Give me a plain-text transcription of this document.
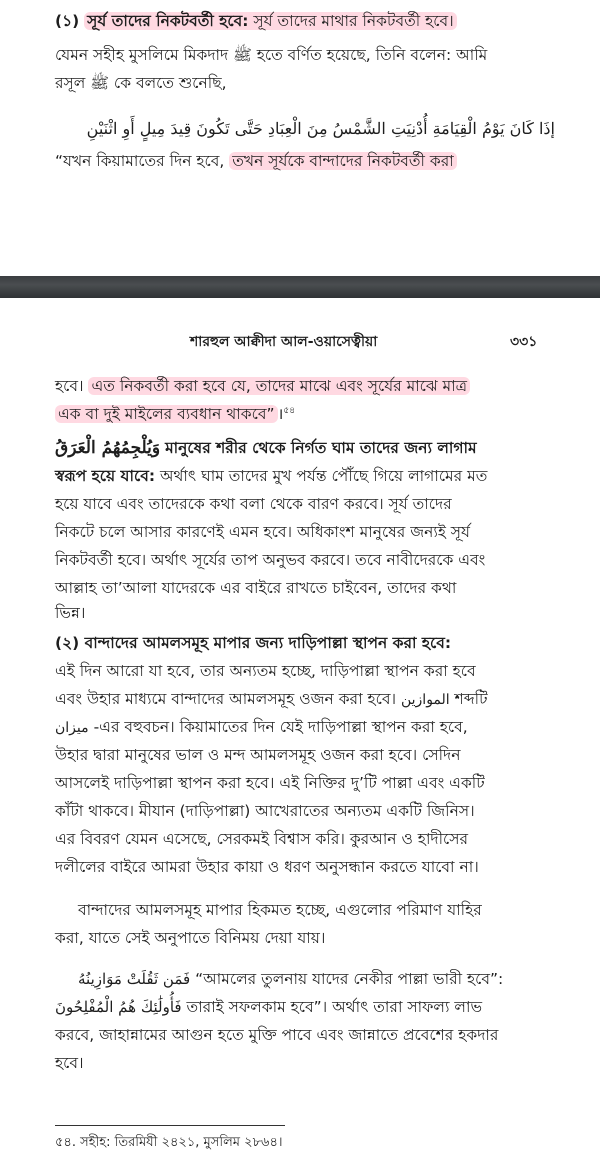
(১) সূর্য তাদের নিকটবর্তী হবে: সূর্য তাদের মাথার নিকটবর্তী হবে।
যেমন সহীহ মুসলিমে মিকদাদ ﷺ হতে বর্ণিত হয়েছে, তিনি বলেন: আমি
রসূল ﷺ কে বলতে শুনেছি,
إذَا كَانَ يَوْمُ الْقِيَامَةِ أُدْنِيَتِ الشَّمْسُ مِنَ الْعِبَادِ حَتَّى تَكُونَ قِيدَ مِيلٍ أَوِ اثْنَيْنِ
“যখন কিয়ামাতের দিন হবে, তখন সূর্যকে বান্দাদের নিকটবর্তী করা
শারহুল আক্বীদা আল-ওয়াসেত্বীয়া	৩৩১
হবে। এত নিকবর্তী করা হবে যে, তাদের মাঝে এবং সূর্যের মাঝে মাত্র
এক বা দুই মাইলের ব্যবধান থাকবে” ।$^{৫৪}$
وَيُلْجِمُهُمُ الْعَرَقُ মানুষের শরীর থেকে নির্গত ঘাম তাদের জন্য লাগাম
স্বরূপ হয়ে যাবে: অর্থাৎ ঘাম তাদের মুখ পর্যন্ত পৌঁছে গিয়ে লাগামের মত
হয়ে যাবে এবং তাদেরকে কথা বলা থেকে বারণ করবে। সূর্য তাদের
নিকটে চলে আসার কারণেই এমন হবে। অধিকাংশ মানুষের জন্যই সূর্য
নিকটবর্তী হবে। অর্থাৎ সূর্যের তাপ অনুভব করবে। তবে নাবীদেরকে এবং
আল্লাহ তা’আলা যাদেরকে এর বাইরে রাখতে চাইবেন, তাদের কথা
ভিন্ন।
(২) বান্দাদের আমলসমূহ মাপার জন্য দাড়িপাল্লা স্থাপন করা হবে:
এই দিন আরো যা হবে, তার অন্যতম হচ্ছে, দাড়িপাল্লা স্থাপন করা হবে
এবং উহার মাধ্যমে বান্দাদের আমলসমূহ ওজন করা হবে। الموازين শব্দটি
ميزان -এর বহুবচন। কিয়ামাতের দিন যেই দাড়িপাল্লা স্থাপন করা হবে,
উহার দ্বারা মানুষের ভাল ও মন্দ আমলসমূহ ওজন করা হবে। সেদিন
আসলেই দাড়িপাল্লা স্থাপন করা হবে। এই নিক্তির দু’টি পাল্লা এবং একটি
কাঁটা থাকবে। মীযান (দাড়িপাল্লা) আখেরাতের অন্যতম একটি জিনিস।
এর বিবরণ যেমন এসেছে, সেরকমই বিশ্বাস করি। কুরআন ও হাদীসের
দলীলের বাইরে আমরা উহার কায়া ও ধরণ অনুসন্ধান করতে যাবো না।
বান্দাদের আমলসমূহ মাপার হিকমত হচ্ছে, এগুলোর পরিমাণ যাহির
করা, যাতে সেই অনুপাতে বিনিময় দেয়া যায়।
فَمَن ثَقُلَتْ مَوَازِينُهُ “আমলের তুলনায় যাদের নেকীর পাল্লা ভারী হবে”:
فَأُولَٰئِكَ هُمُ الْمُفْلِحُونَ তারাই সফলকাম হবে”। অর্থাৎ তারা সাফল্য লাভ
করবে, জাহান্নামের আগুন হতে মুক্তি পাবে এবং জান্নাতে প্রবেশের হকদার
হবে।
৫৪. সহীহ: তিরমিযী ২৪২১, মুসলিম ২৮৬৪।
